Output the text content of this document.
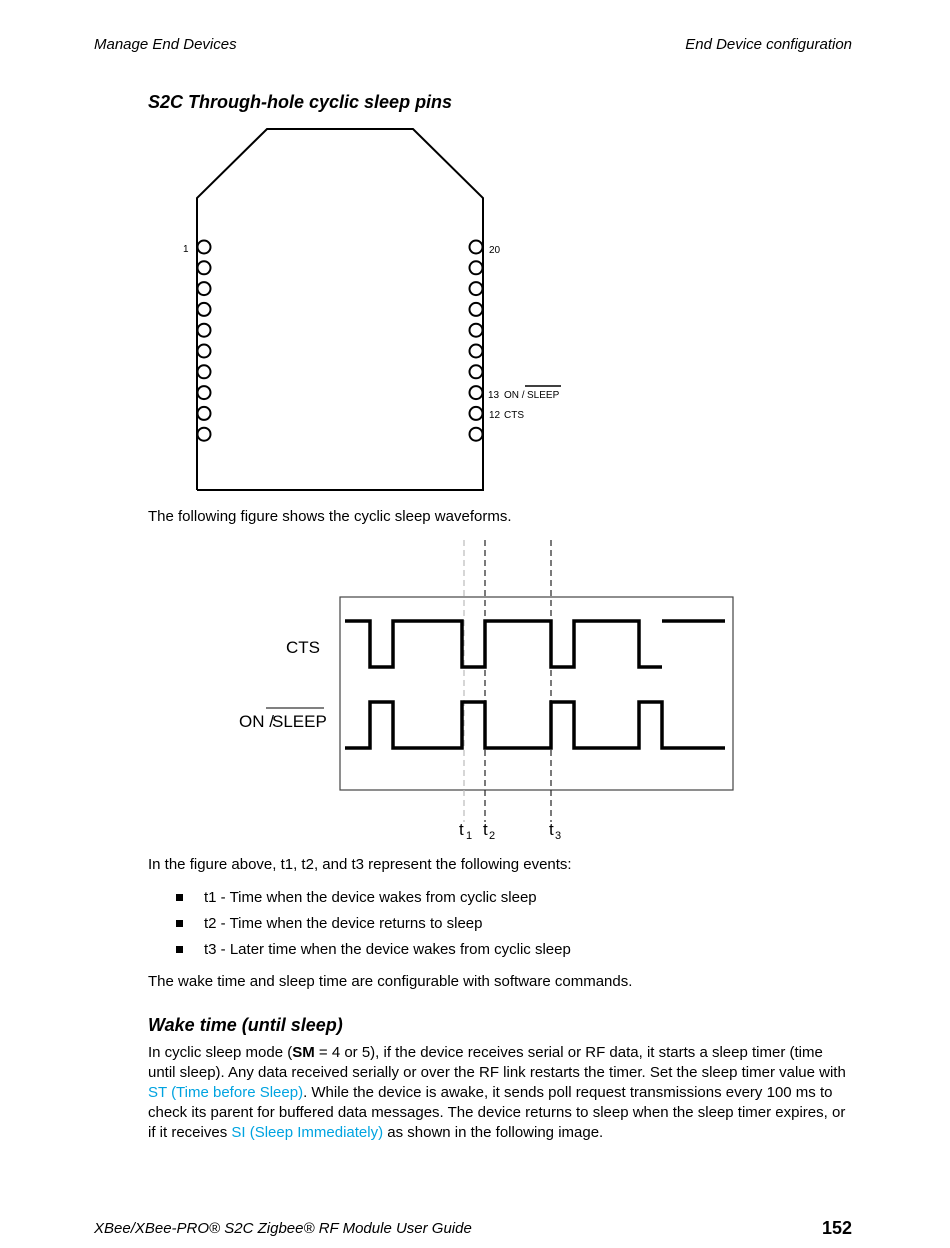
Manage End Devices	End Device configuration
S2C Through-hole cyclic sleep pins
1	20
13 ON / SLEEP
12 CTS

The following figure shows the cyclic sleep waveforms.

CTS
ON /
SLEEP
t 1 t 2	t 3

In the figure above, t1, t2, and t3 represent the following events:

t1 - Time when the device wakes from cyclic sleep
t2 - Time when the device returns to sleep
t3 - Later time when the device wakes from cyclic sleep

The wake time and sleep time are configurable with software commands.

Wake time (until sleep)

In cyclic sleep mode (SM = 4 or 5), if the device receives serial or RF data, it starts a sleep timer (time until sleep). Any data received serially or over the RF link restarts the timer. Set the sleep timer value with ST (Time before Sleep). While the device is awake, it sends poll request transmissions every 100 ms to check its parent for buffered data messages. The device returns to sleep when the sleep timer expires, or if it receives SI (Sleep Immediately) as shown in the following image.

XBee/XBee-PRO® S2C Zigbee® RF Module User Guide	152
